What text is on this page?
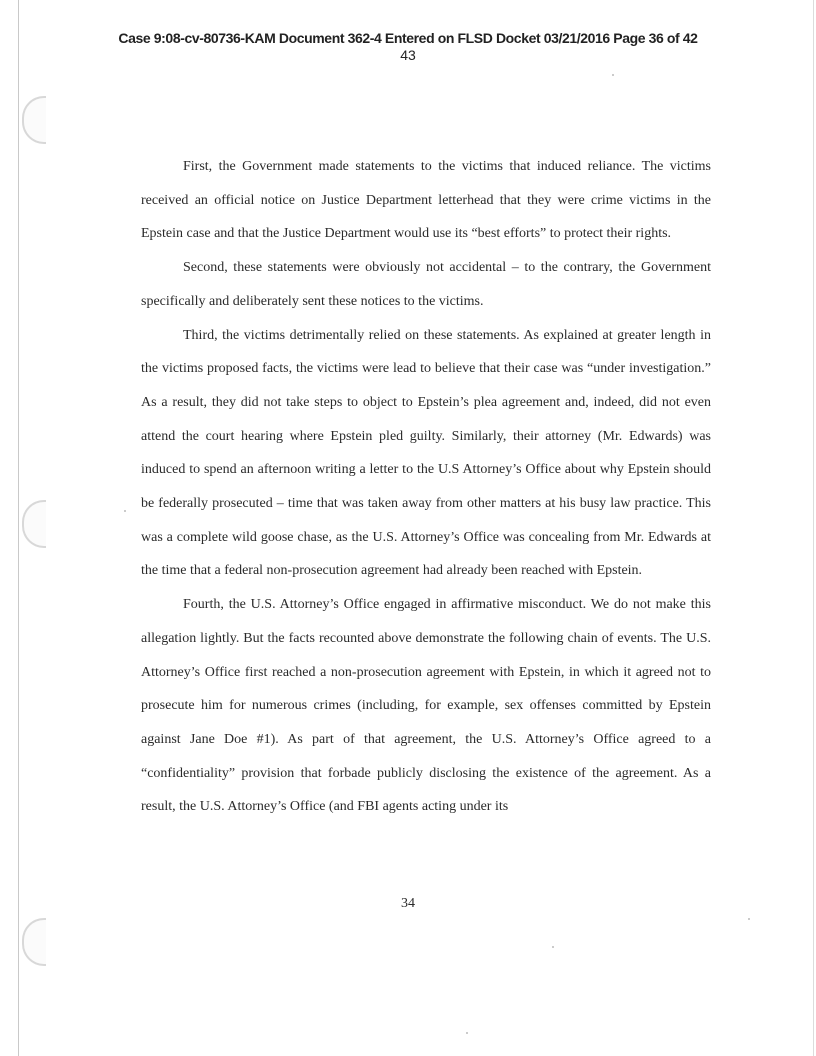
Case 9:08-cv-80736-KAM Document 362-4 Entered on FLSD Docket 03/21/2016 Page 36 of 42
43

First, the Government made statements to the victims that induced reliance. The victims received an official notice on Justice Department letterhead that they were crime victims in the Epstein case and that the Justice Department would use its “best efforts” to protect their rights.

Second, these statements were obviously not accidental – to the contrary, the Government specifically and deliberately sent these notices to the victims.

Third, the victims detrimentally relied on these statements. As explained at greater length in the victims proposed facts, the victims were lead to believe that their case was “under investigation.” As a result, they did not take steps to object to Epstein’s plea agreement and, indeed, did not even attend the court hearing where Epstein pled guilty. Similarly, their attorney (Mr. Edwards) was induced to spend an afternoon writing a letter to the U.S Attorney’s Office about why Epstein should be federally prosecuted – time that was taken away from other matters at his busy law practice. This was a complete wild goose chase, as the U.S. Attorney’s Office was concealing from Mr. Edwards at the time that a federal non-prosecution agreement had already been reached with Epstein.

Fourth, the U.S. Attorney’s Office engaged in affirmative misconduct. We do not make this allegation lightly. But the facts recounted above demonstrate the following chain of events. The U.S. Attorney’s Office first reached a non-prosecution agreement with Epstein, in which it agreed not to prosecute him for numerous crimes (including, for example, sex offenses committed by Epstein against Jane Doe #1). As part of that agreement, the U.S. Attorney’s Office agreed to a “confidentiality” provision that forbade publicly disclosing the existence of the agreement. As a result, the U.S. Attorney’s Office (and FBI agents acting under its

34
